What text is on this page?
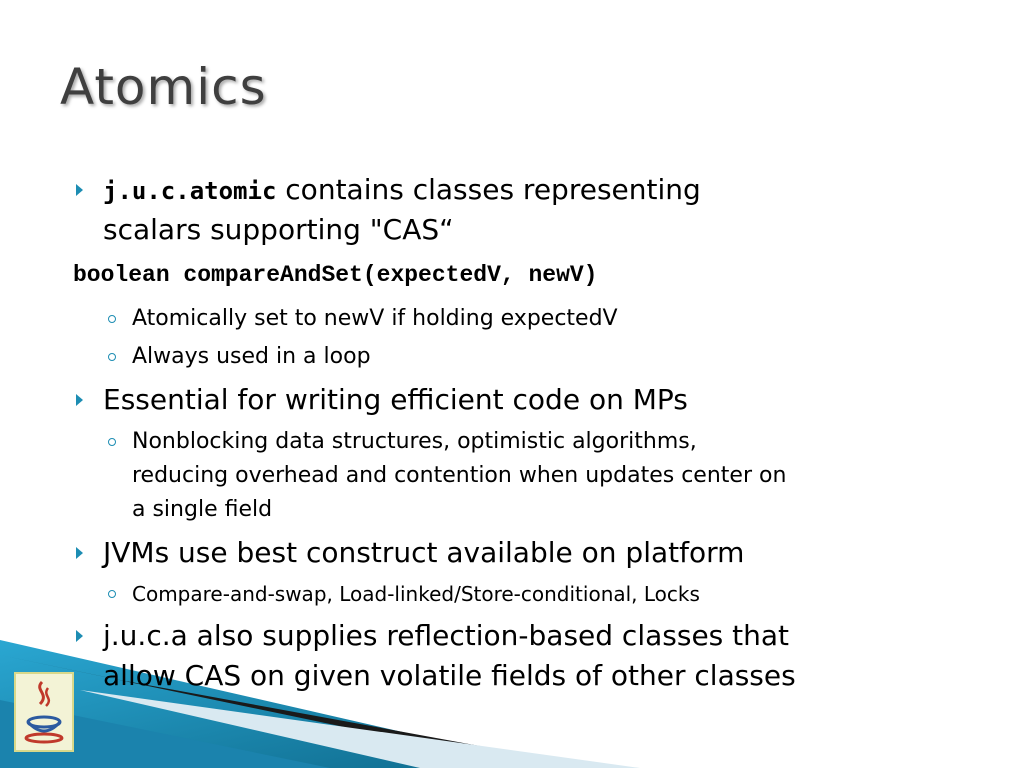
Atomics
j.u.c.atomic contains classes representing
scalars supporting "CAS“
boolean compareAndSet(expectedV, newV)
Atomically set to newV if holding expectedV
Always used in a loop
Essential for writing efficient code on MPs
Nonblocking data structures, optimistic algorithms,
reducing overhead and contention when updates center on
a single field
JVMs use best construct available on platform
Compare-and-swap, Load-linked/Store-conditional, Locks
j.u.c.a also supplies reflection-based classes that
allow CAS on given volatile fields of other classes
